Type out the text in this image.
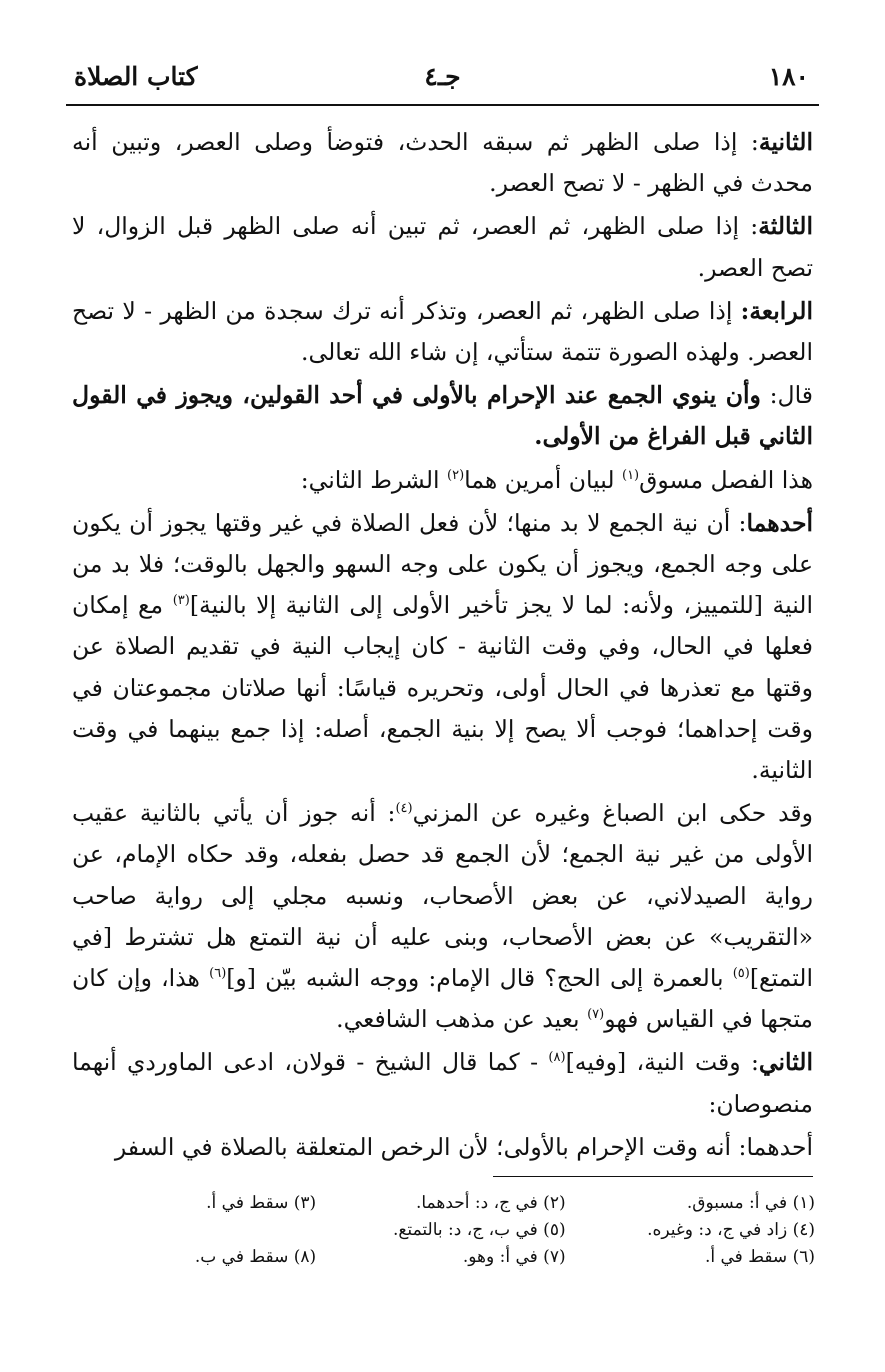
١٨٠
جـ٤
كتاب الصلاة

الثانية: إذا صلى الظهر ثم سبقه الحدث، فتوضأ وصلى العصر، وتبين أنه محدث في الظهر - لا تصح العصر.

الثالثة: إذا صلى الظهر، ثم العصر، ثم تبين أنه صلى الظهر قبل الزوال، لا تصح العصر.

الرابعة: إذا صلى الظهر، ثم العصر، وتذكر أنه ترك سجدة من الظهر - لا تصح العصر. ولهذه الصورة تتمة ستأتي، إن شاء الله تعالى.

قال: وأن ينوي الجمع عند الإحرام بالأولى في أحد القولين، ويجوز في القول الثاني قبل الفراغ من الأولى.

هذا الفصل مسوق$^{(١)}$ لبيان أمرين هما$^{(٢)}$ الشرط الثاني:

أحدهما: أن نية الجمع لا بد منها؛ لأن فعل الصلاة في غير وقتها يجوز أن يكون على وجه الجمع، ويجوز أن يكون على وجه السهو والجهل بالوقت؛ فلا بد من النية [للتمييز، ولأنه: لما لا يجز تأخير الأولى إلى الثانية إلا بالنية]$^{(٣)}$ مع إمكان فعلها في الحال، وفي وقت الثانية - كان إيجاب النية في تقديم الصلاة عن وقتها مع تعذرها في الحال أولى، وتحريره قياسًا: أنها صلاتان مجموعتان في وقت إحداهما؛ فوجب ألا يصح إلا بنية الجمع، أصله: إذا جمع بينهما في وقت الثانية.

وقد حكى ابن الصباغ وغيره عن المزني$^{(٤)}$: أنه جوز أن يأتي بالثانية عقيب الأولى من غير نية الجمع؛ لأن الجمع قد حصل بفعله، وقد حكاه الإمام، عن رواية الصيدلاني، عن بعض الأصحاب، ونسبه مجلي إلى رواية صاحب «التقريب» عن بعض الأصحاب، وبنى عليه أن نية التمتع هل تشترط [في التمتع]$^{(٥)}$ بالعمرة إلى الحج؟ قال الإمام: ووجه الشبه بيّن [و]$^{(٦)}$ هذا، وإن كان متجها في القياس فهو$^{(٧)}$ بعيد عن مذهب الشافعي.

الثاني: وقت النية، [وفيه]$^{(٨)}$ - كما قال الشيخ - قولان، ادعى الماوردي أنهما منصوصان:

أحدهما: أنه وقت الإحرام بالأولى؛ لأن الرخص المتعلقة بالصلاة في السفر

(١) في أ: مسبوق.
(٢) في ج، د: أحدهما.
(٣) سقط في أ.
(٤) زاد في ج، د: وغيره.
(٥) في ب، ج، د: بالتمتع.
(٦) سقط في أ.
(٧) في أ: وهو.
(٨) سقط في ب.
